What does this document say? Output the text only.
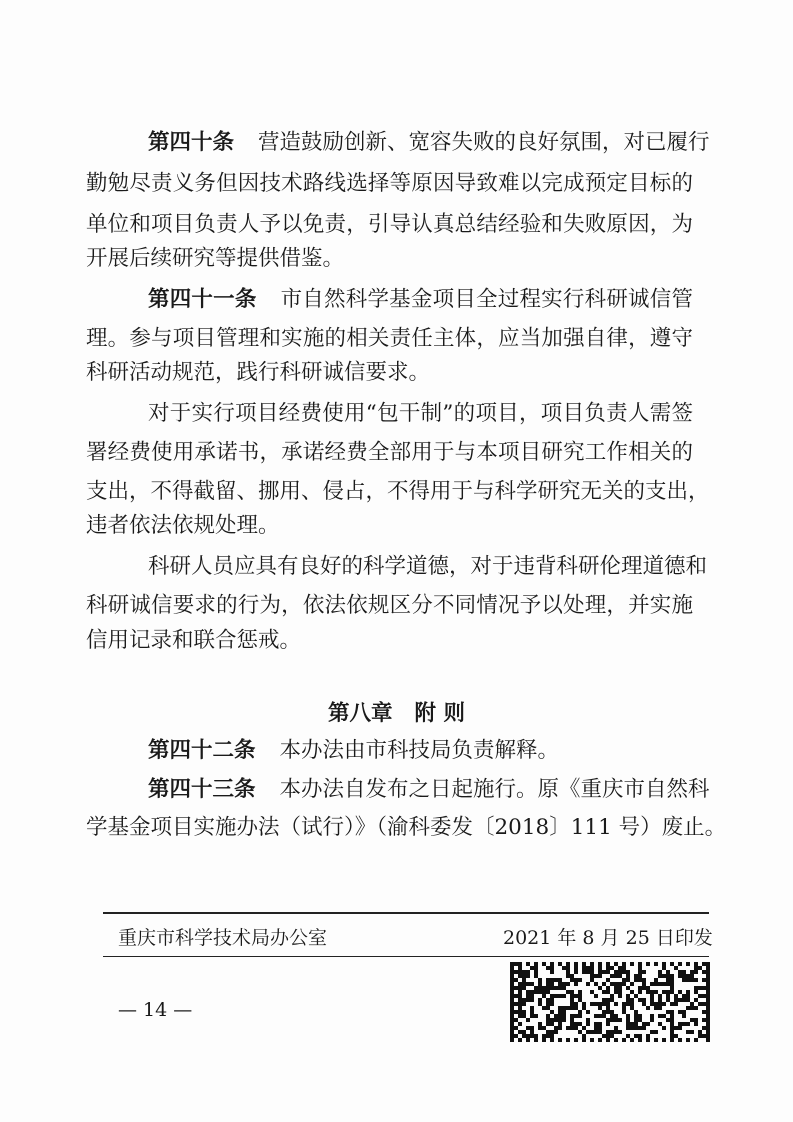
第四十条 营造鼓励创新、宽容失败的良好氛围，对已履行
勤勉尽责义务但因技术路线选择等原因导致难以完成预定目标的
单位和项目负责人予以免责，引导认真总结经验和失败原因，为
开展后续研究等提供借鉴。
第四十一条 市自然科学基金项目全过程实行科研诚信管
理。参与项目管理和实施的相关责任主体，应当加强自律，遵守
科研活动规范，践行科研诚信要求。
对于实行项目经费使用“包干制”的项目，项目负责人需签
署经费使用承诺书，承诺经费全部用于与本项目研究工作相关的
支出，不得截留、挪用、侵占，不得用于与科学研究无关的支出，
违者依法依规处理。
科研人员应具有良好的科学道德，对于违背科研伦理道德和
科研诚信要求的行为，依法依规区分不同情况予以处理，并实施
信用记录和联合惩戒。
第八章 附 则
第四十二条 本办法由市科技局负责解释。
第四十三条 本办法自发布之日起施行。原《重庆市自然科
学基金项目实施办法（试行）》（渝科委发〔2018〕111 号）废止。
重庆市科学技术局办公室	2021 年 8 月 25 日印发
— 14 —
